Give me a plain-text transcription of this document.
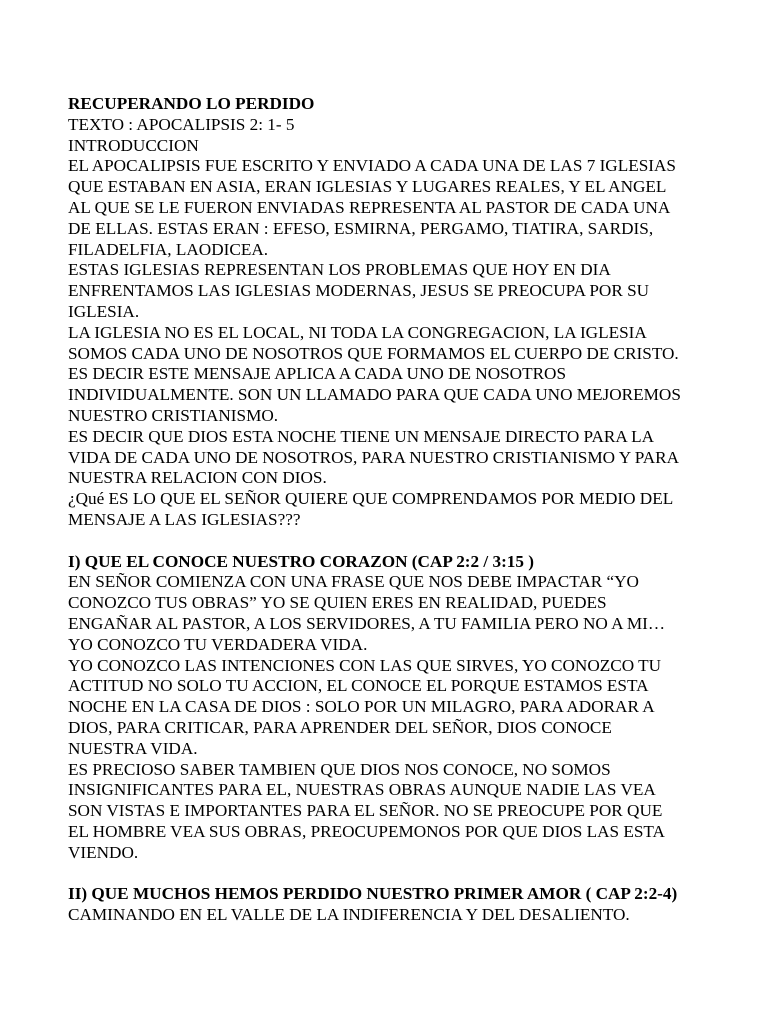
RECUPERANDO LO PERDIDO
TEXTO : APOCALIPSIS 2: 1- 5
INTRODUCCION
EL APOCALIPSIS FUE ESCRITO Y ENVIADO A CADA UNA DE LAS 7 IGLESIAS
QUE ESTABAN EN ASIA, ERAN IGLESIAS Y LUGARES REALES, Y EL ANGEL
AL QUE SE LE FUERON ENVIADAS REPRESENTA AL PASTOR DE CADA UNA
DE ELLAS. ESTAS ERAN : EFESO, ESMIRNA, PERGAMO, TIATIRA, SARDIS,
FILADELFIA, LAODICEA.
ESTAS IGLESIAS REPRESENTAN LOS PROBLEMAS QUE HOY EN DIA
ENFRENTAMOS LAS IGLESIAS MODERNAS, JESUS SE PREOCUPA POR SU
IGLESIA.
LA IGLESIA NO ES EL LOCAL, NI TODA LA CONGREGACION, LA IGLESIA
SOMOS CADA UNO DE NOSOTROS QUE FORMAMOS EL CUERPO DE CRISTO.
ES DECIR ESTE MENSAJE APLICA A CADA UNO DE NOSOTROS
INDIVIDUALMENTE. SON UN LLAMADO PARA QUE CADA UNO MEJOREMOS
NUESTRO CRISTIANISMO.
ES DECIR QUE DIOS ESTA NOCHE TIENE UN MENSAJE DIRECTO PARA LA
VIDA DE CADA UNO DE NOSOTROS, PARA NUESTRO CRISTIANISMO Y PARA
NUESTRA RELACION CON DIOS.
¿Qué ES LO QUE EL SEÑOR QUIERE QUE COMPRENDAMOS POR MEDIO DEL
MENSAJE A LAS IGLESIAS???
I) QUE EL CONOCE NUESTRO CORAZON (CAP 2:2 / 3:15 )
EN SEÑOR COMIENZA CON UNA FRASE QUE NOS DEBE IMPACTAR “YO
CONOZCO TUS OBRAS” YO SE QUIEN ERES EN REALIDAD, PUEDES
ENGAÑAR AL PASTOR, A LOS SERVIDORES, A TU FAMILIA PERO NO A MI…
YO CONOZCO TU VERDADERA VIDA.
YO CONOZCO LAS INTENCIONES CON LAS QUE SIRVES, YO CONOZCO TU
ACTITUD NO SOLO TU ACCION, EL CONOCE EL PORQUE ESTAMOS ESTA
NOCHE EN LA CASA DE DIOS : SOLO POR UN MILAGRO, PARA ADORAR A
DIOS, PARA CRITICAR, PARA APRENDER DEL SEÑOR, DIOS CONOCE
NUESTRA VIDA.
ES PRECIOSO SABER TAMBIEN QUE DIOS NOS CONOCE, NO SOMOS
INSIGNIFICANTES PARA EL, NUESTRAS OBRAS AUNQUE NADIE LAS VEA
SON VISTAS E IMPORTANTES PARA EL SEÑOR. NO SE PREOCUPE POR QUE
EL HOMBRE VEA SUS OBRAS, PREOCUPEMONOS POR QUE DIOS LAS ESTA
VIENDO.
II) QUE MUCHOS HEMOS PERDIDO NUESTRO PRIMER AMOR ( CAP 2:2-4)
CAMINANDO EN EL VALLE DE LA INDIFERENCIA Y DEL DESALIENTO.
